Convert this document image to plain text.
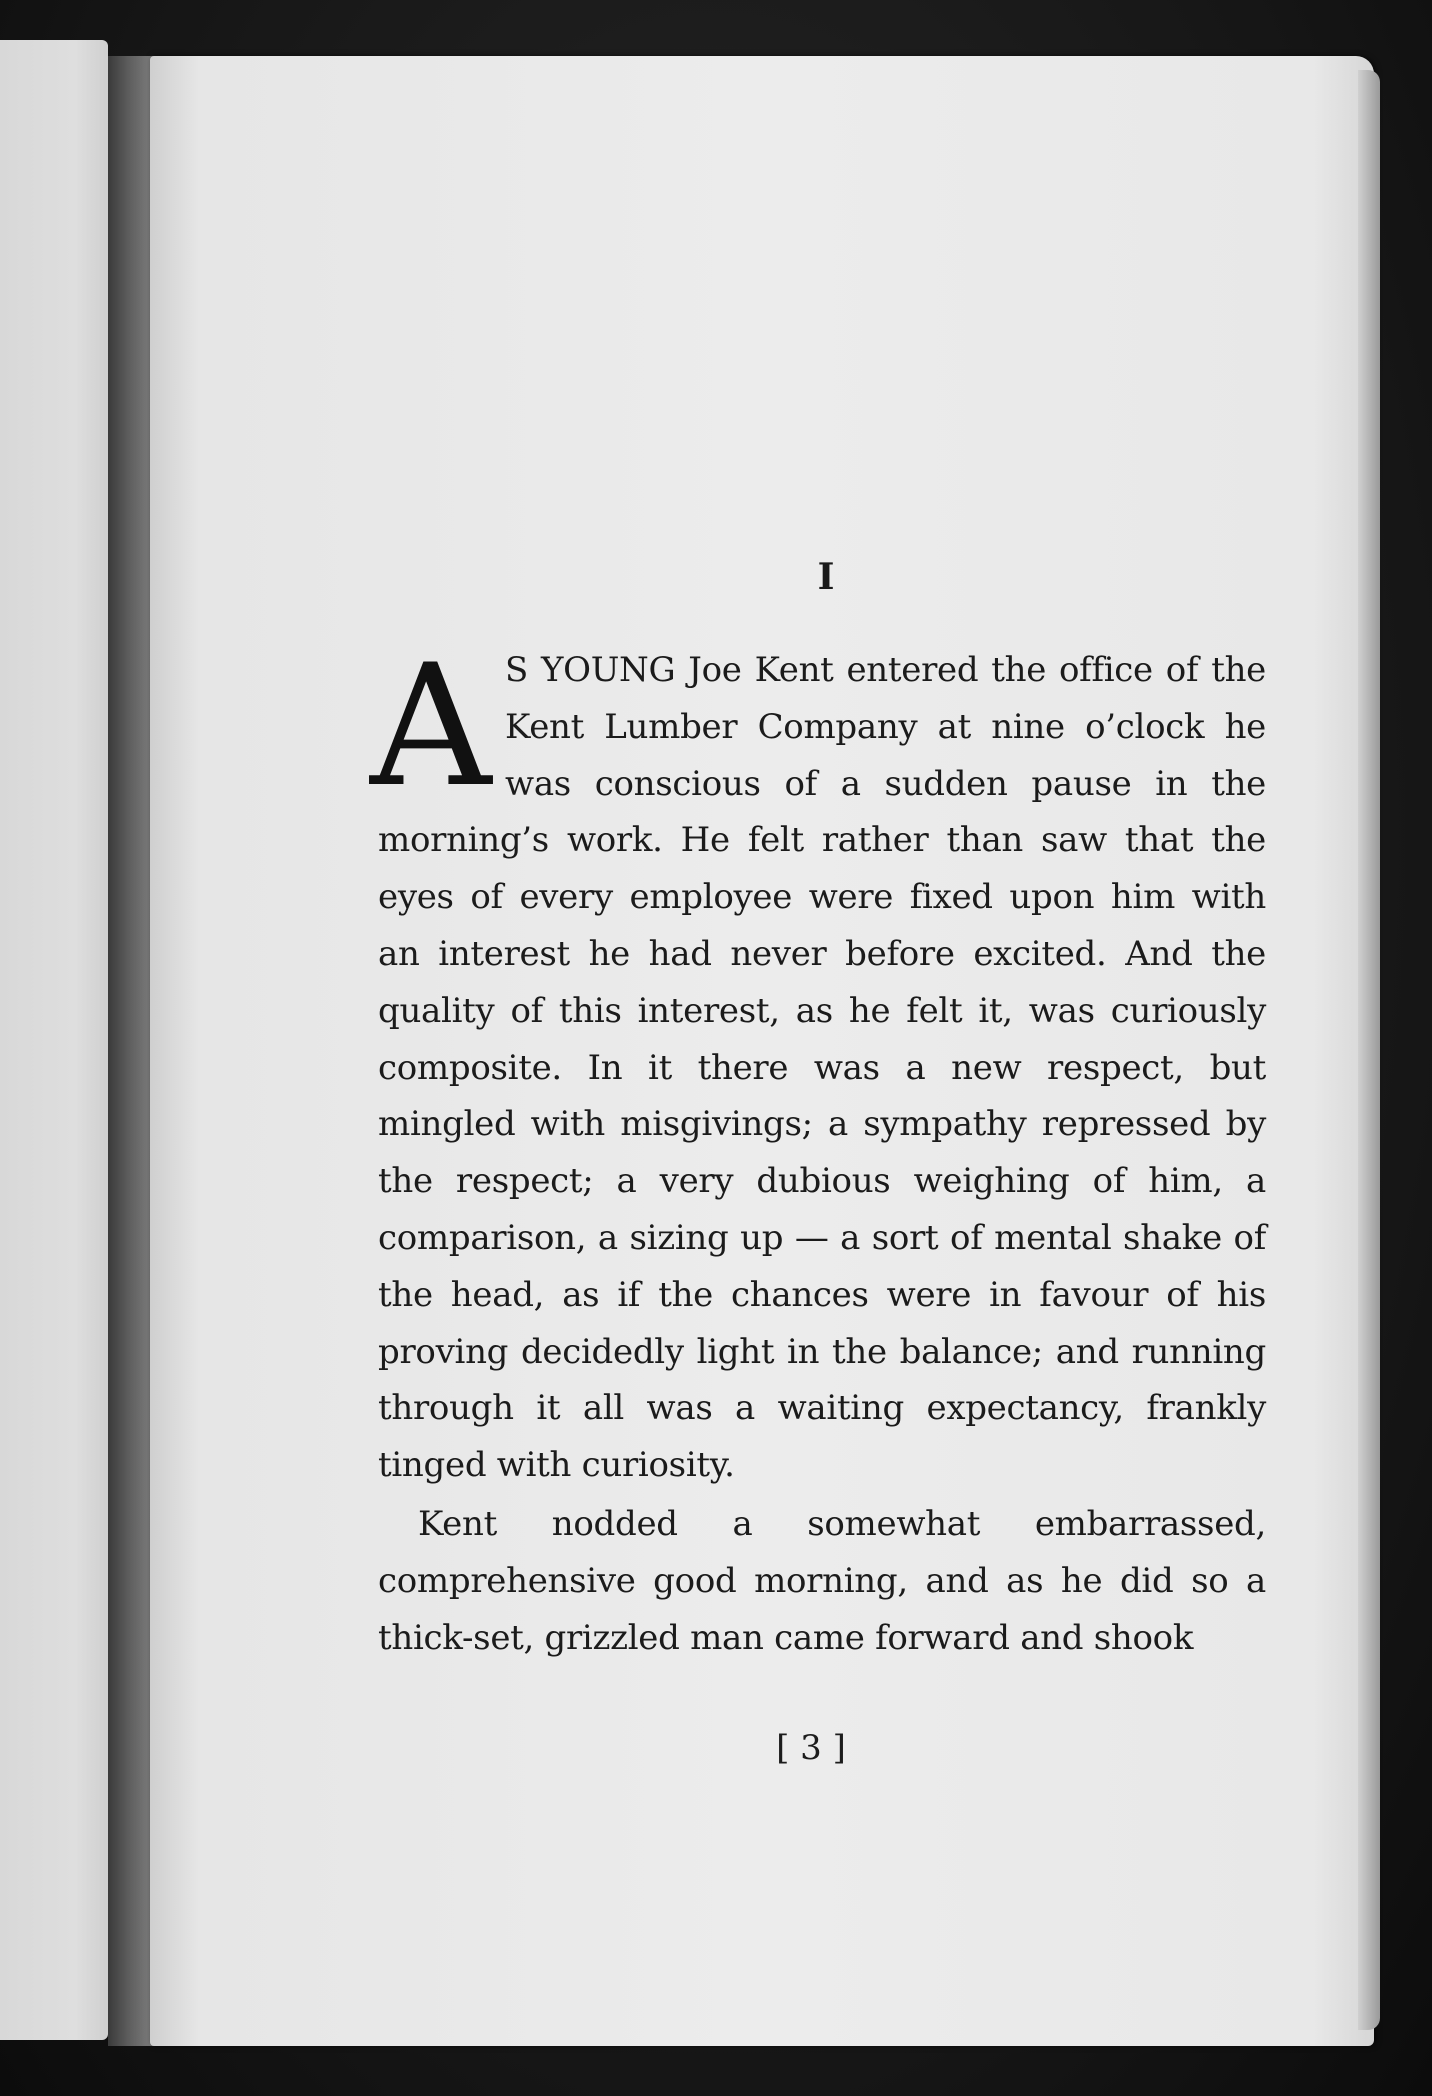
I

A S YOUNG Joe Kent entered the office of the Kent Lumber Company at nine o’clock he was conscious of a sudden pause in the morning’s work. He felt rather than saw that the eyes of every employee were fixed upon him with an interest he had never before excited. And the quality of this interest, as he felt it, was curiously composite. In it there was a new respect, but mingled with misgivings; a sympathy repressed by the respect; a very dubious weighing of him, a comparison, a sizing up — a sort of mental shake of the head, as if the chances were in favour of his proving decidedly light in the balance; and running through it all was a waiting expectancy, frankly tinged with curiosity.

Kent nodded a somewhat embarrassed, comprehensive good morning, and as he did so a thick-set, grizzled man came forward and shook

[ 3 ]
